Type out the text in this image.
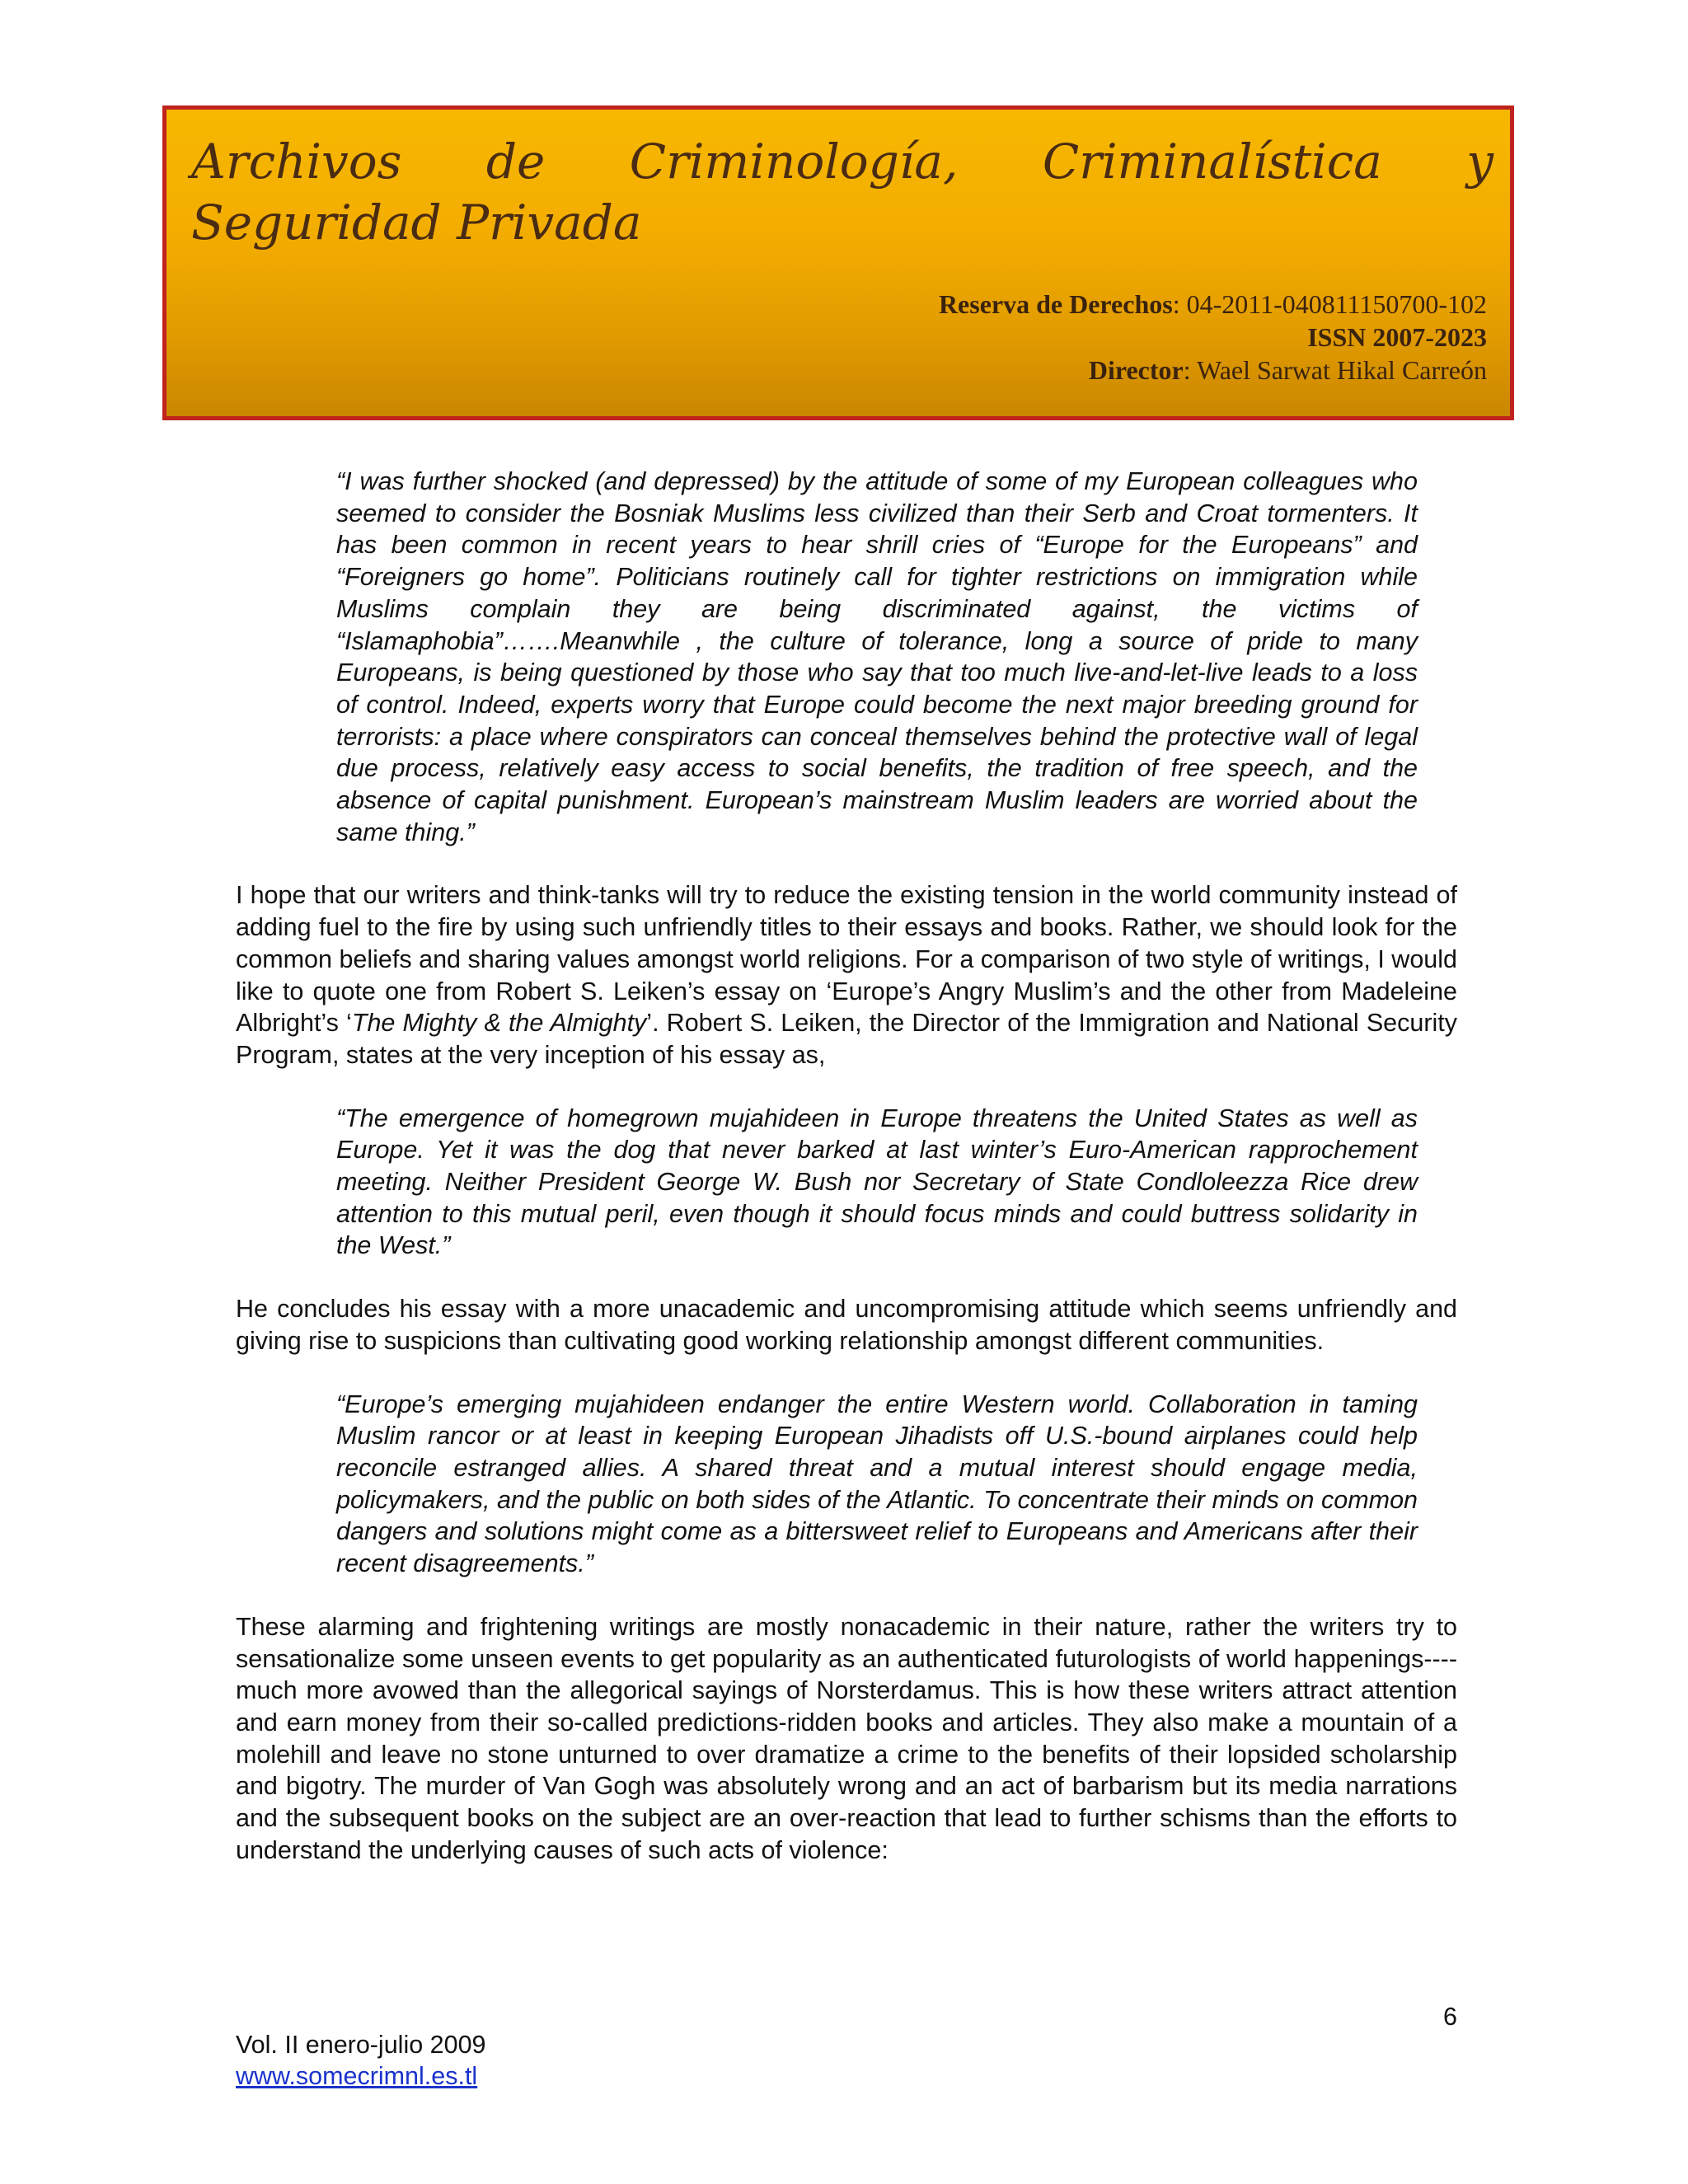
Archivos de Criminología, Criminalística y
Seguridad Privada
Reserva de Derechos: 04-2011-040811150700-102
ISSN 2007-2023
Director: Wael Sarwat Hikal Carreón

“I was further shocked (and depressed) by the attitude of some of my European colleagues who seemed to consider the Bosniak Muslims less civilized than their Serb and Croat tormenters. It has been common in recent years to hear shrill cries of “Europe for the Europeans” and “Foreigners go home”. Politicians routinely call for tighter restrictions on immigration while Muslims complain they are being discriminated against, the victims of “Islamaphobia”…….Meanwhile , the culture of tolerance, long a source of pride to many Europeans, is being questioned by those who say that too much live-and-let-live leads to a loss of control. Indeed, experts worry that Europe could become the next major breeding ground for terrorists: a place where conspirators can conceal themselves behind the protective wall of legal due process, relatively easy access to social benefits, the tradition of free speech, and the absence of capital punishment. European’s mainstream Muslim leaders are worried about the same thing.”

I hope that our writers and think-tanks will try to reduce the existing tension in the world community instead of adding fuel to the fire by using such unfriendly titles to their essays and books. Rather, we should look for the common beliefs and sharing values amongst world religions. For a comparison of two style of writings, I would like to quote one from Robert S. Leiken’s essay on ‘Europe’s Angry Muslim’s and the other from Madeleine Albright’s ‘The Mighty & the Almighty’. Robert S. Leiken, the Director of the Immigration and National Security Program, states at the very inception of his essay as,

“The emergence of homegrown mujahideen in Europe threatens the United States as well as Europe. Yet it was the dog that never barked at last winter’s Euro-American rapprochement meeting. Neither President George W. Bush nor Secretary of State Condloleezza Rice drew attention to this mutual peril, even though it should focus minds and could buttress solidarity in the West.”

He concludes his essay with a more unacademic and uncompromising attitude which seems unfriendly and giving rise to suspicions than cultivating good working relationship amongst different communities.

“Europe’s emerging mujahideen endanger the entire Western world. Collaboration in taming Muslim rancor or at least in keeping European Jihadists off U.S.-bound airplanes could help reconcile estranged allies. A shared threat and a mutual interest should engage media, policymakers, and the public on both sides of the Atlantic. To concentrate their minds on common dangers and solutions might come as a bittersweet relief to Europeans and Americans after their recent disagreements.”

These alarming and frightening writings are mostly nonacademic in their nature, rather the writers try to sensationalize some unseen events to get popularity as an authenticated futurologists of world happenings---- much more avowed than the allegorical sayings of Norsterdamus. This is how these writers attract attention and earn money from their so-called predictions-ridden books and articles. They also make a mountain of a molehill and leave no stone unturned to over dramatize a crime to the benefits of their lopsided scholarship and bigotry. The murder of Van Gogh was absolutely wrong and an act of barbarism but its media narrations and the subsequent books on the subject are an over-reaction that lead to further schisms than the efforts to understand the underlying causes of such acts of violence:

6
Vol. II enero-julio 2009
www.somecrimnl.es.tl
